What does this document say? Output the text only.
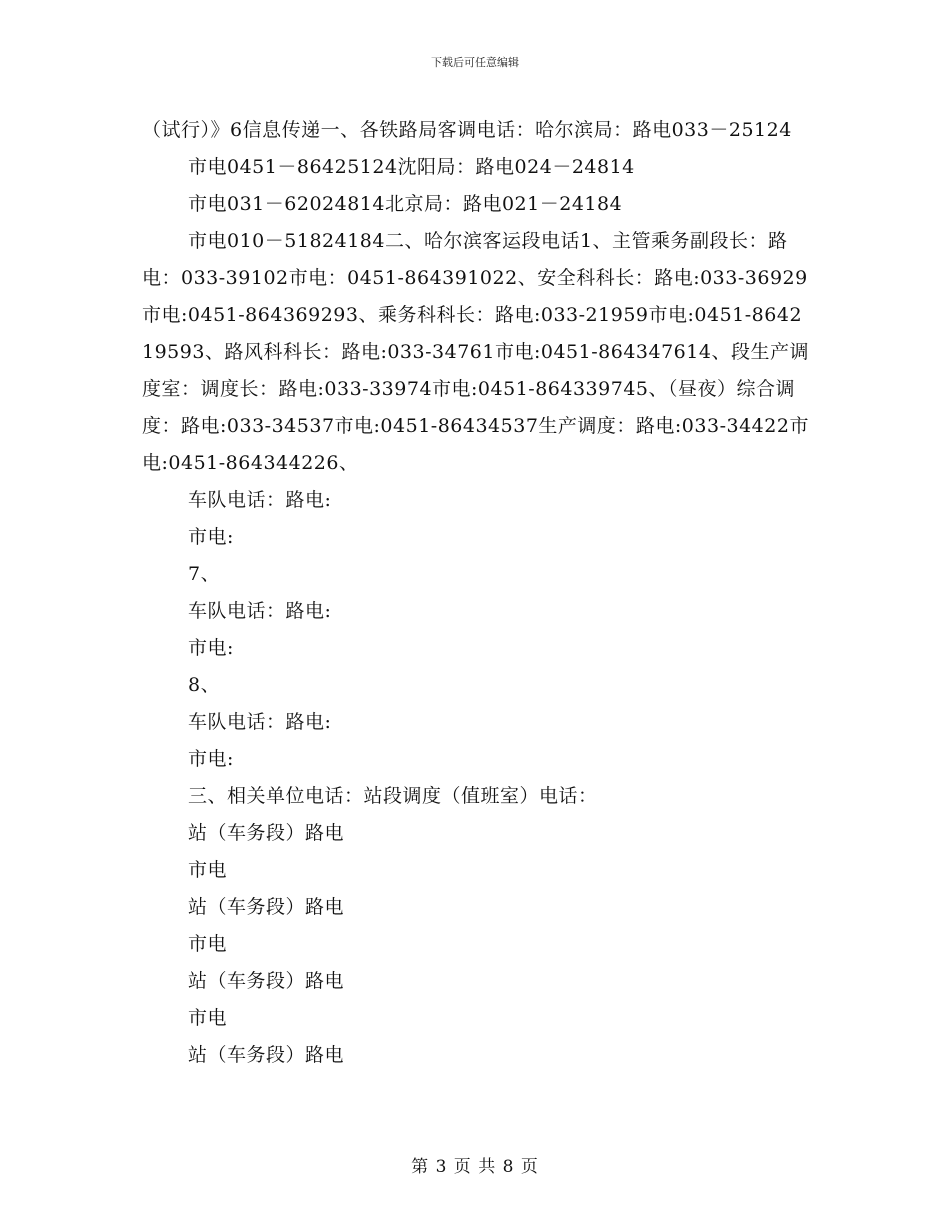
下载后可任意编辑

（试行）》6信息传递一、各铁路局客调电话：哈尔滨局：路电033－25124

市电0451－86425124沈阳局：路电024－24814

市电031－62024814北京局：路电021－24184

市电010－51824184二、哈尔滨客运段电话1、主管乘务副段长：路电：033-39102市电：0451-864391022、安全科科长：路电:033-36929 市电:0451-864369293、乘务科科长：路电:033-21959市电:0451-864219593、路风科科长：路电:033-34761市电:0451-864347614、段生产调度室：调度长：路电:033-33974市电:0451-864339745、（昼夜）综合调度：路电:033-34537市电:0451-86434537生产调度：路电:033-34422市电:0451-864344226、

车队电话：路电:

市电:

7、

车队电话：路电:

市电:

8、

车队电话：路电:

市电:

三、相关单位电话：站段调度（值班室）电话：

站（车务段）路电

市电

站（车务段）路电

市电

站（车务段）路电

市电

站（车务段）路电

第 3 页 共 8 页
